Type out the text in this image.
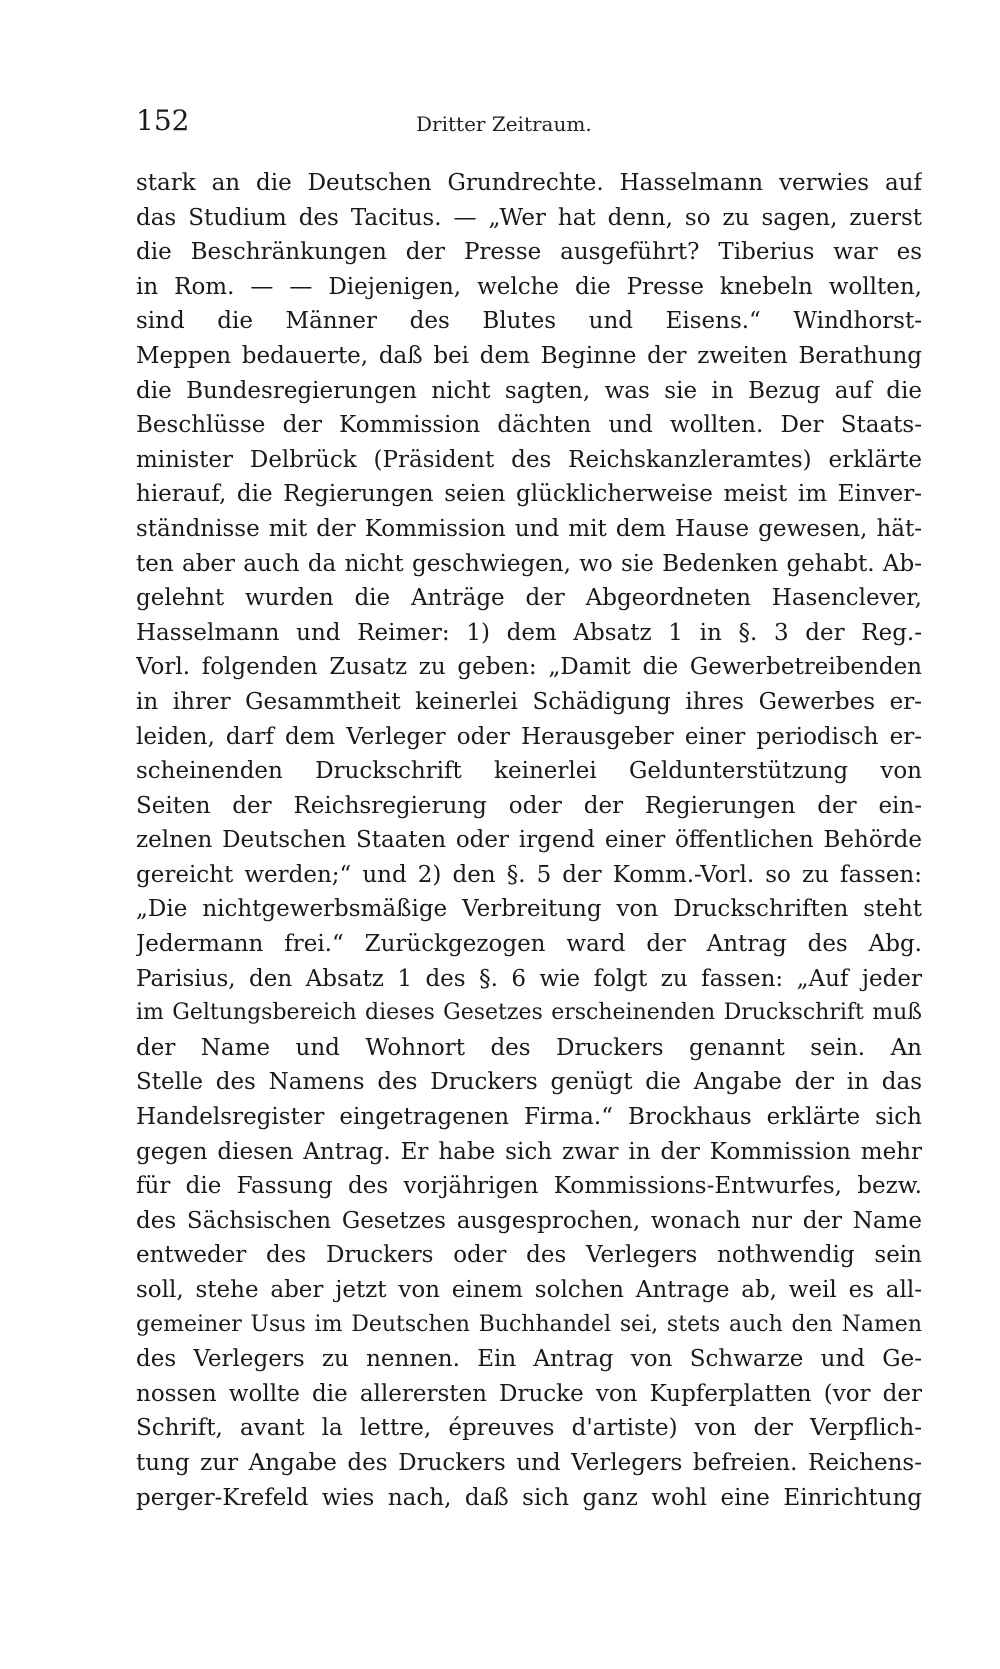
152	Dritter Zeitraum.
stark an die Deutschen Grundrechte. Hasselmann verwies auf
das Studium des Tacitus. — „Wer hat denn, so zu sagen, zuerst
die Beschränkungen der Presse ausgeführt? Tiberius war es
in Rom. — — Diejenigen, welche die Presse knebeln wollten,
sind die Männer des Blutes und Eisens.“ Windhorst-
Meppen bedauerte, daß bei dem Beginne der zweiten Berathung
die Bundesregierungen nicht sagten, was sie in Bezug auf die
Beschlüsse der Kommission dächten und wollten. Der Staats-
minister Delbrück (Präsident des Reichskanzleramtes) erklärte
hierauf, die Regierungen seien glücklicherweise meist im Einver-
ständnisse mit der Kommission und mit dem Hause gewesen, hät-
ten aber auch da nicht geschwiegen, wo sie Bedenken gehabt. Ab-
gelehnt wurden die Anträge der Abgeordneten Hasenclever,
Hasselmann und Reimer: 1) dem Absatz 1 in §. 3 der Reg.-
Vorl. folgenden Zusatz zu geben: „Damit die Gewerbetreibenden
in ihrer Gesammtheit keinerlei Schädigung ihres Gewerbes er-
leiden, darf dem Verleger oder Herausgeber einer periodisch er-
scheinenden Druckschrift keinerlei Geldunterstützung von
Seiten der Reichsregierung oder der Regierungen der ein-
zelnen Deutschen Staaten oder irgend einer öffentlichen Behörde
gereicht werden;“ und 2) den §. 5 der Komm.-Vorl. so zu fassen:
„Die nichtgewerbsmäßige Verbreitung von Druckschriften steht
Jedermann frei.“ Zurückgezogen ward der Antrag des Abg.
Parisius, den Absatz 1 des §. 6 wie folgt zu fassen: „Auf jeder
im Geltungsbereich dieses Gesetzes erscheinenden Druckschrift muß
der Name und Wohnort des Druckers genannt sein. An
Stelle des Namens des Druckers genügt die Angabe der in das
Handelsregister eingetragenen Firma.“ Brockhaus erklärte sich
gegen diesen Antrag. Er habe sich zwar in der Kommission mehr
für die Fassung des vorjährigen Kommissions-Entwurfes, bezw.
des Sächsischen Gesetzes ausgesprochen, wonach nur der Name
entweder des Druckers oder des Verlegers nothwendig sein
soll, stehe aber jetzt von einem solchen Antrage ab, weil es all-
gemeiner Usus im Deutschen Buchhandel sei, stets auch den Namen
des Verlegers zu nennen. Ein Antrag von Schwarze und Ge-
nossen wollte die allerersten Drucke von Kupferplatten (vor der
Schrift, avant la lettre, épreuves d'artiste) von der Verpflich-
tung zur Angabe des Druckers und Verlegers befreien. Reichens-
perger-Krefeld wies nach, daß sich ganz wohl eine Einrichtung
